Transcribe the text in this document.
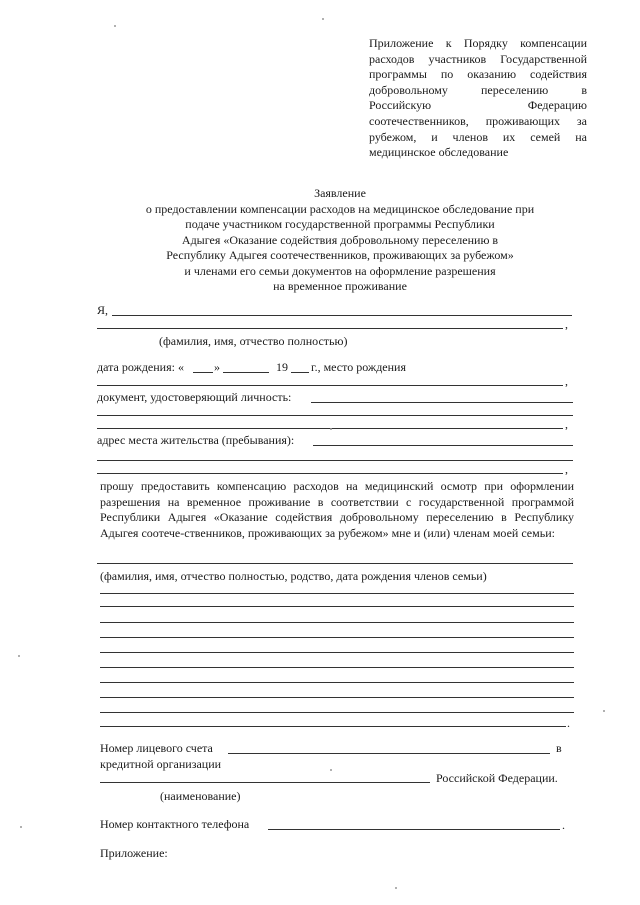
Приложение к Порядку компенсации расходов участников Государственной программы по оказанию содействия добровольному переселению в Российскую Федерацию соотечественников, проживающих за рубежом, и членов их семей на медицинское обследование
Заявление
о предоставлении компенсации расходов на медицинское обследование при
подаче участником государственной программы Республики
Адыгея «Оказание содействия добровольному переселению в
Республику Адыгея соотечественников, проживающих за рубежом»
и членами его семьи документов на оформление разрешения
на временное проживание
Я,
,
(фамилия, имя, отчество полностью)
дата рождения: «	»	19 г., место рождения
,
документ, удостоверяющий личность:
,
адрес места жительства (пребывания):
,
прошу предоставить компенсацию расходов на медицинский осмотр при оформлении разрешения на временное проживание в соответствии с государственной программой Республики Адыгея «Оказание содействия добровольному переселению в Республику Адыгея соотече-ственников, проживающих за рубежом» мне и (или) членам моей семьи:
(фамилия, имя, отчество полностью, родство, дата рождения членов семьи)
.
Номер лицевого счета	в
кредитной организации
Российской Федерации.
(наименование)
Номер контактного телефона	.
Приложение:
